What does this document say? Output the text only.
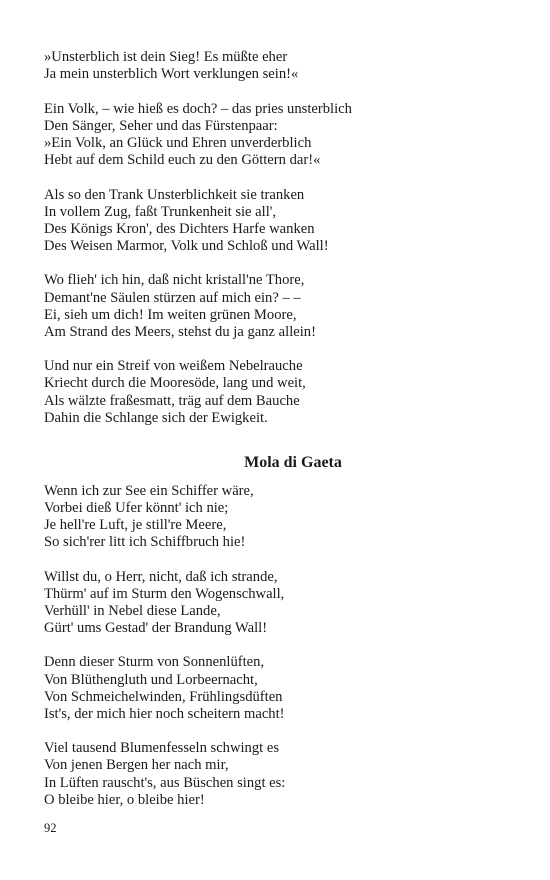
»Unsterblich ist dein Sieg! Es müßte eher
Ja mein unsterblich Wort verklungen sein!«
Ein Volk, – wie hieß es doch? – das pries unsterblich
Den Sänger, Seher und das Fürstenpaar:
»Ein Volk, an Glück und Ehren unverderblich
Hebt auf dem Schild euch zu den Göttern dar!«
Als so den Trank Unsterblichkeit sie tranken
In vollem Zug, faßt Trunkenheit sie all',
Des Königs Kron', des Dichters Harfe wanken
Des Weisen Marmor, Volk und Schloß und Wall!
Wo flieh' ich hin, daß nicht kristall'ne Thore,
Demant'ne Säulen stürzen auf mich ein? – –
Ei, sieh um dich! Im weiten grünen Moore,
Am Strand des Meers, stehst du ja ganz allein!
Und nur ein Streif von weißem Nebelrauche
Kriecht durch die Mooresöde, lang und weit,
Als wälzte fraßesmatt, träg auf dem Bauche
Dahin die Schlange sich der Ewigkeit.
Mola di Gaeta
Wenn ich zur See ein Schiffer wäre,
Vorbei dieß Ufer könnt' ich nie;
Je hell're Luft, je still're Meere,
So sich'rer litt ich Schiffbruch hie!
Willst du, o Herr, nicht, daß ich strande,
Thürm' auf im Sturm den Wogenschwall,
Verhüll' in Nebel diese Lande,
Gürt' ums Gestad' der Brandung Wall!
Denn dieser Sturm von Sonnenlüften,
Von Blüthengluth und Lorbeernacht,
Von Schmeichelwinden, Frühlingsdüften
Ist's, der mich hier noch scheitern macht!
Viel tausend Blumenfesseln schwingt es
Von jenen Bergen her nach mir,
In Lüften rauscht's, aus Büschen singt es:
O bleibe hier, o bleibe hier!
92
